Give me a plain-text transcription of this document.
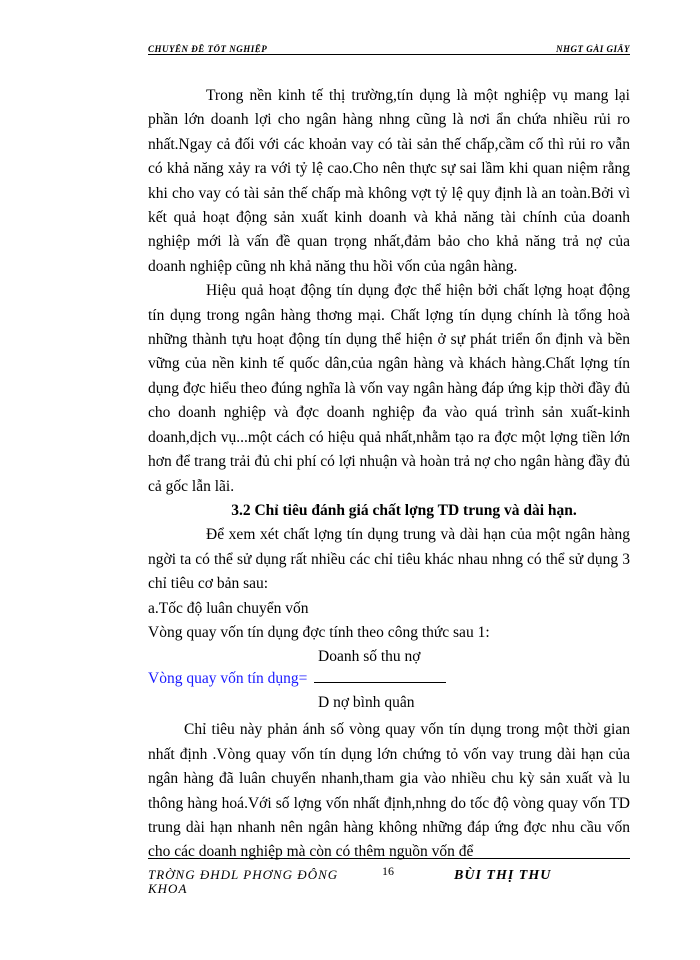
CHUYÊN ĐỀ TỐT NGHIỆP	NHGT GÀI GIẤY

Trong nền kinh tế thị trường,tín dụng là một nghiệp vụ mang lại phần lớn doanh lợi cho ngân hàng nhng cũng là nơi ẩn chứa nhiều rủi ro nhất.Ngay cả đối với các khoản vay có tài sản thế chấp,cầm cố thì rủi ro vẫn có khả năng xảy ra với tỷ lệ cao.Cho nên thực sự sai lầm khi quan niệm rằng khi cho vay có tài sản thế chấp mà không vợt tỷ lệ quy định là an toàn.Bởi vì kết quả hoạt động sản xuất kinh doanh và khả năng tài chính của doanh nghiệp mới là vấn đề quan trọng nhất,đảm bảo cho khả năng trả nợ của doanh nghiệp cũng nh khả năng thu hồi vốn của ngân hàng.

Hiệu quả hoạt động tín dụng đợc thể hiện bởi chất lợng hoạt động tín dụng trong ngân hàng thơng mại. Chất lợng tín dụng chính là tổng hoà những thành tựu hoạt động tín dụng thể hiện ở sự phát triển ổn định và bền vững của nền kinh tế quốc dân,của ngân hàng và khách hàng.Chất lợng tín dụng đợc hiểu theo đúng nghĩa là vốn vay ngân hàng đáp ứng kịp thời đầy đủ cho doanh nghiệp và đợc doanh nghiệp đa vào quá trình sản xuất-kinh doanh,dịch vụ...một cách có hiệu quả nhất,nhằm tạo ra đợc một lợng tiền lớn hơn để trang trải đủ chi phí có lợi nhuận và hoàn trả nợ cho ngân hàng đầy đủ cả gốc lẫn lãi.

3.2 Chỉ tiêu đánh giá chất lợng TD trung và dài hạn.

Để xem xét chất lợng tín dụng trung và dài hạn của một ngân hàng ngời ta có thể sử dụng rất nhiều các chỉ tiêu khác nhau nhng có thể sử dụng 3 chỉ tiêu cơ bản sau:

a.Tốc độ luân chuyển vốn

Vòng quay vốn tín dụng đợc tính theo công thức sau 1:

Doanh số thu nợ
Vòng quay vốn tín dụng=
D nợ bình quân

Chỉ tiêu này phản ánh số vòng quay vốn tín dụng trong một thời gian nhất định .Vòng quay vốn tín dụng lớn chứng tỏ vốn vay trung dài hạn của ngân hàng đã luân chuyển nhanh,tham gia vào nhiều chu kỳ sản xuất và lu thông hàng hoá.Với số lợng vốn nhất định,nhng do tốc độ vòng quay vốn TD trung dài hạn nhanh nên ngân hàng không những đáp ứng đợc nhu cầu vốn cho các doanh nghiệp mà còn có thêm nguồn vốn để

TRỜNG ĐHDL PHƠNG ĐÔNG KHOA
16	BÙI THỊ THU
